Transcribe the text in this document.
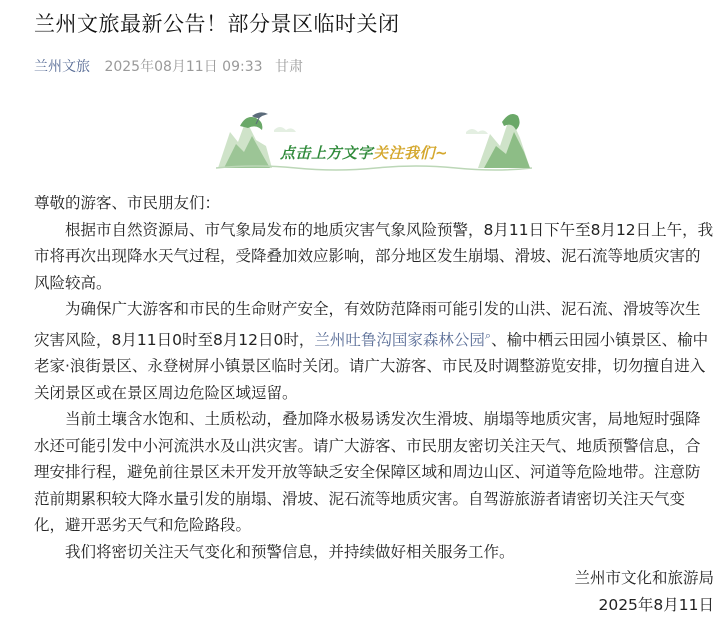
兰州文旅最新公告！部分景区临时关闭
兰州文旅 2025年08月11日 09:33 甘肃
点击上方文字关注我们~

尊敬的游客、市民朋友们：

根据市自然资源局、市气象局发布的地质灾害气象风险预警，8月11日下午至8月12日上午，我市将再次出现降水天气过程，受降叠加效应影响，部分地区发生崩塌、滑坡、泥石流等地质灾害的风险较高。

为确保广大游客和市民的生命财产安全，有效防范降雨可能引发的山洪、泥石流、滑坡等次生灾害风险，8月11日0时至8月12日0时，兰州吐鲁沟国家森林公园⌕、榆中栖云田园小镇景区、榆中老家·浪街景区、永登树屏小镇景区临时关闭。请广大游客、市民及时调整游览安排，切勿擅自进入关闭景区或在景区周边危险区域逗留。

当前土壤含水饱和、土质松动，叠加降水极易诱发次生滑坡、崩塌等地质灾害，局地短时强降水还可能引发中小河流洪水及山洪灾害。请广大游客、市民朋友密切关注天气、地质预警信息，合理安排行程，避免前往景区未开发开放等缺乏安全保障区域和周边山区、河道等危险地带。注意防范前期累积较大降水量引发的崩塌、滑坡、泥石流等地质灾害。自驾游旅游者请密切关注天气变化，避开恶劣天气和危险路段。

我们将密切关注天气变化和预警信息，并持续做好相关服务工作。

兰州市文化和旅游局

2025年8月11日
